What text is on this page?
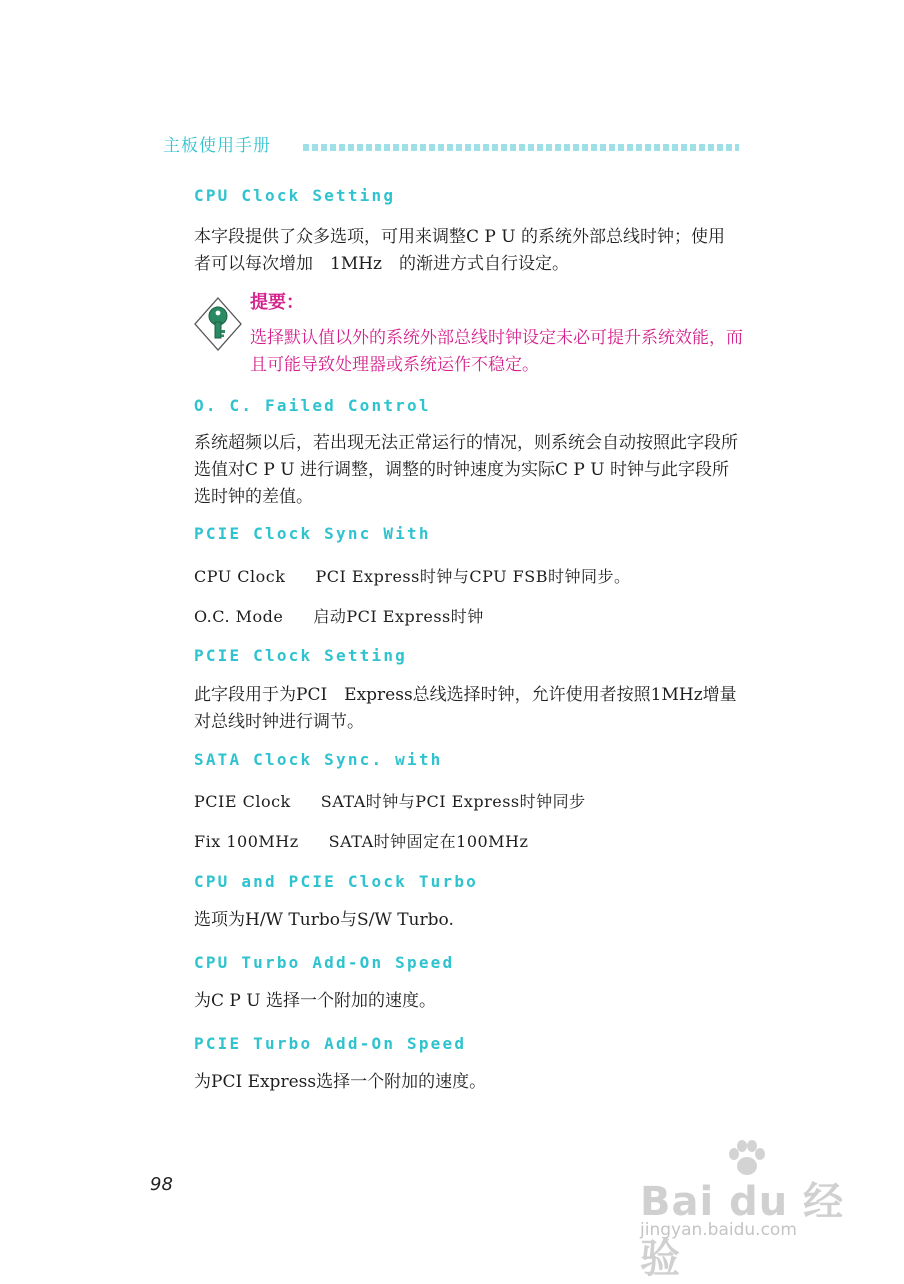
主板使用手册
提要：
选择默认值以外的系统外部总线时钟设定未必可提升系统效能，而且可能导致处理器或系统运作不稳定。
CPU Clock Setting
本字段提供了众多选项，可用来调整C P U 的系统外部总线时钟；使用者可以每次增加　1MHz　的渐进方式自行设定。
O. C. Failed Control
系统超频以后，若出现无法正常运行的情况，则系统会自动按照此字段所选值对C P U 进行调整，调整的时钟速度为实际C P U 时钟与此字段所选时钟的差值。
PCIE Clock Sync With
CPU Clock PCI Express时钟与CPU FSB时钟同步。
O.C. Mode 启动PCI Express时钟
PCIE Clock Setting
此字段用于为PCI　Express总线选择时钟，允许使用者按照1MHz增量对总线时钟进行调节。
SATA Clock Sync. with
PCIE Clock SATA时钟与PCI Express时钟同步
Fix 100MHz SATA时钟固定在100MHz
CPU and PCIE Clock Turbo
选项为H/W Turbo与S/W Turbo.
CPU Turbo Add-On Speed
为C P U 选择一个附加的速度。
PCIE Turbo Add-On Speed
为PCI Express选择一个附加的速度。
98	Bai du 经验
jingyan.baidu.com
